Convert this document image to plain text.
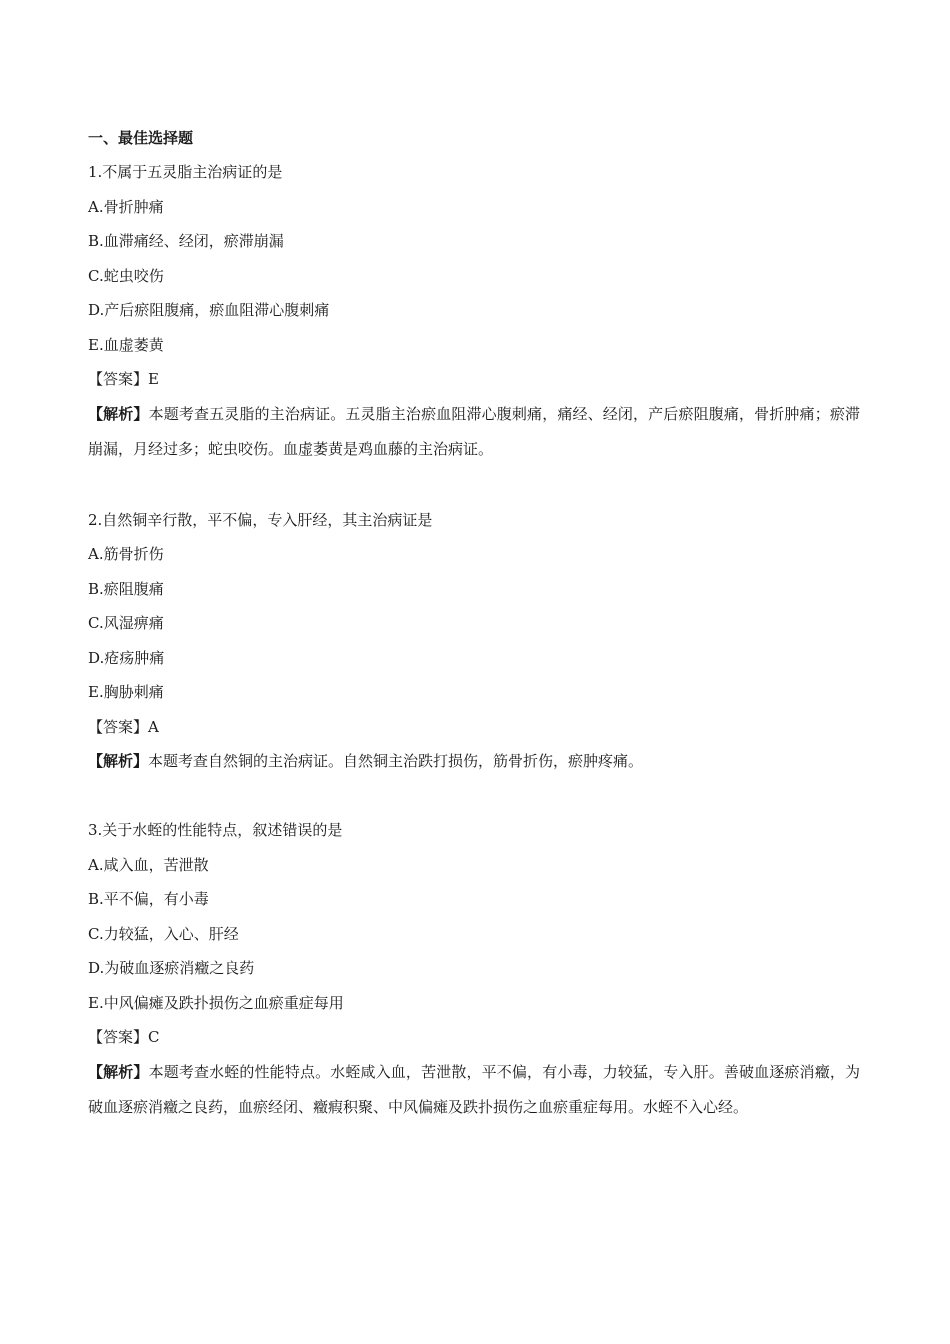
一、最佳选择题
1.不属于五灵脂主治病证的是
A.骨折肿痛
B.血滞痛经、经闭，瘀滞崩漏
C.蛇虫咬伤
D.产后瘀阻腹痛，瘀血阻滞心腹刺痛
E.血虚萎黄
【答案】E
【解析】本题考查五灵脂的主治病证。五灵脂主治瘀血阻滞心腹刺痛，痛经、经闭，产后瘀阻腹痛，骨折肿痛；瘀滞崩漏，月经过多；蛇虫咬伤。血虚萎黄是鸡血藤的主治病证。
2.自然铜辛行散，平不偏，专入肝经，其主治病证是
A.筋骨折伤
B.瘀阻腹痛
C.风湿痹痛
D.疮疡肿痛
E.胸胁刺痛
【答案】A
【解析】本题考查自然铜的主治病证。自然铜主治跌打损伤，筋骨折伤，瘀肿疼痛。
3.关于水蛭的性能特点，叙述错误的是
A.咸入血，苦泄散
B.平不偏，有小毒
C.力较猛，入心、肝经
D.为破血逐瘀消癥之良药
E.中风偏瘫及跌扑损伤之血瘀重症每用
【答案】C
【解析】本题考查水蛭的性能特点。水蛭咸入血，苦泄散，平不偏，有小毒，力较猛，专入肝。善破血逐瘀消癥，为破血逐瘀消癥之良药，血瘀经闭、癥瘕积聚、中风偏瘫及跌扑损伤之血瘀重症每用。水蛭不入心经。
